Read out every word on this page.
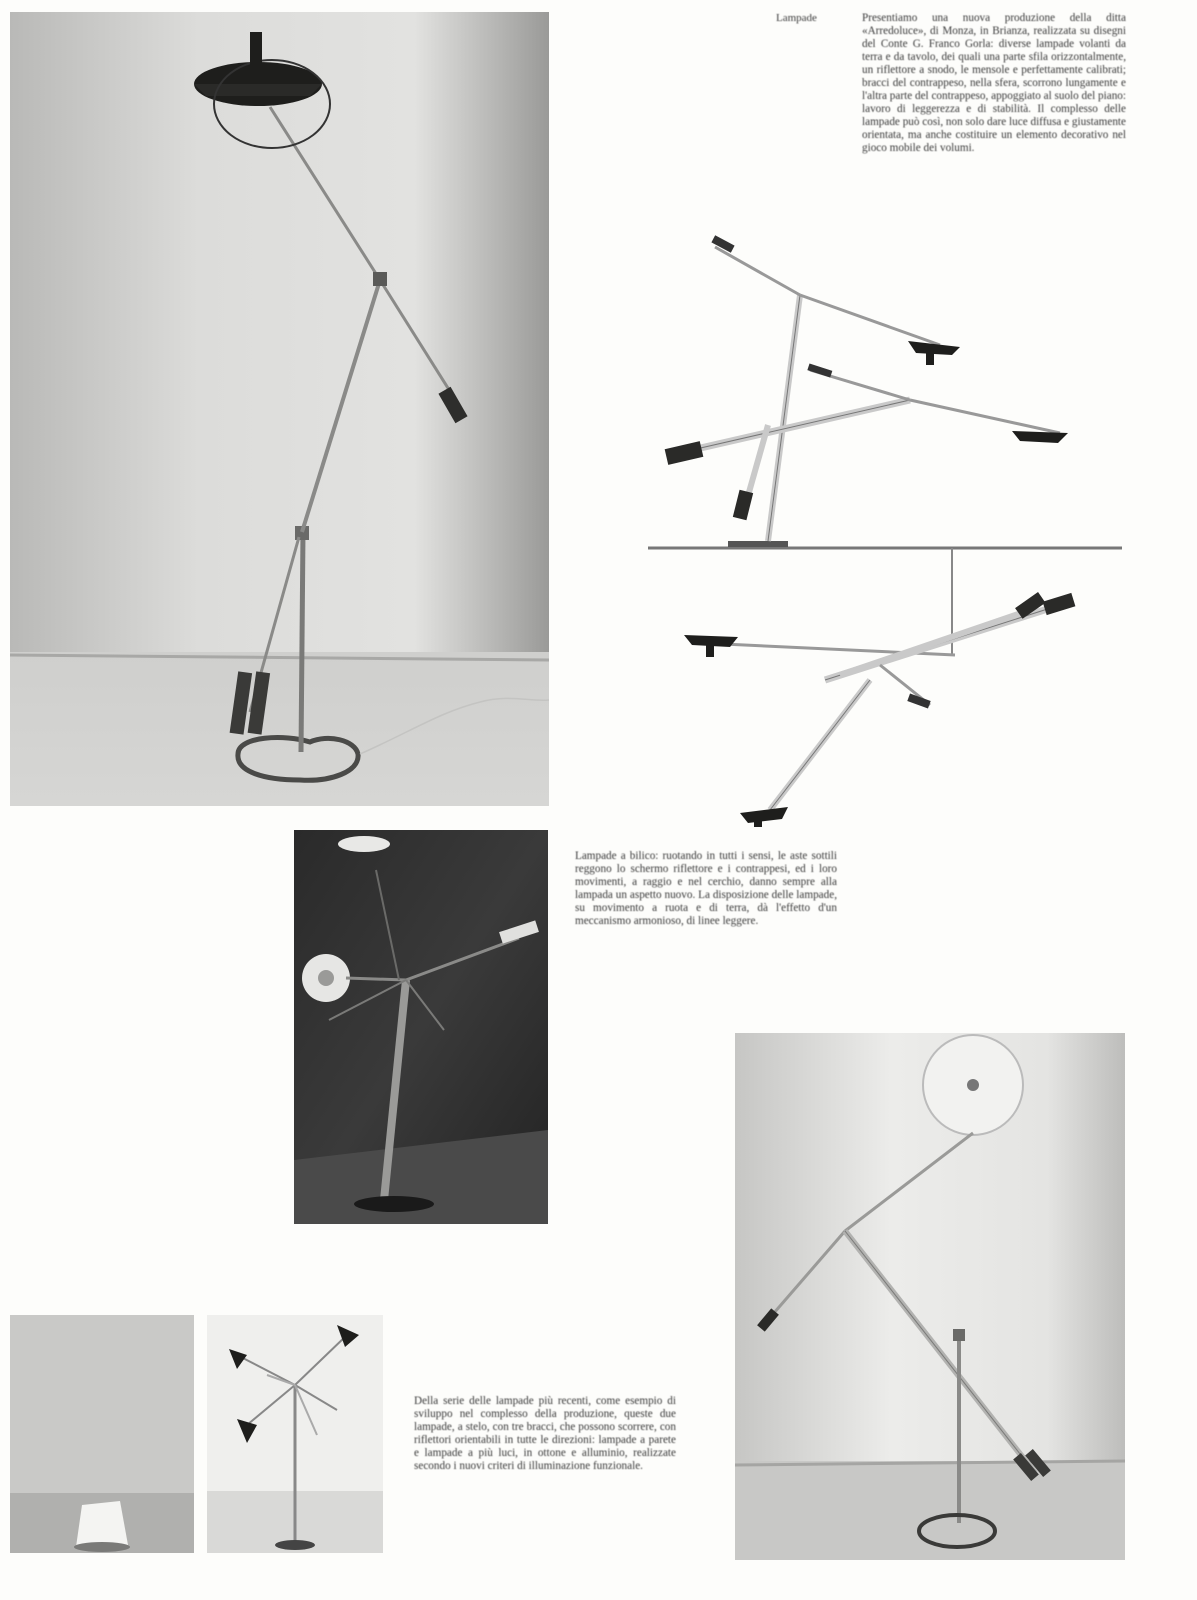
Lampade	Presentiamo una nuova produzione della ditta «Arredoluce», di Monza, in Brianza, realizzata su disegni del Conte G. Franco Gorla: diverse lampade volanti da terra e da tavolo, dei quali una parte sfila orizzontalmente, un riflettore a snodo, le mensole e perfettamente calibrati; bracci del contrappeso, nella sfera, scorrono lungamente e l'altra parte del contrappeso, appoggiato al suolo del piano: lavoro di leggerezza e di stabilità. Il complesso delle lampade può così, non solo dare luce diffusa e giustamente orientata, ma anche costituire un elemento decorativo nel gioco mobile dei volumi.

Lampade a bilico: ruotando in tutti i sensi, le aste sottili reggono lo schermo riflettore e i contrappesi, ed i loro movimenti, a raggio e nel cerchio, danno sempre alla lampada un aspetto nuovo. La disposizione delle lampade, su movimento a ruota e di terra, dà l'effetto d'un meccanismo armonioso, di linee leggere.

Della serie delle lampade più recenti, come esempio di sviluppo nel complesso della produzione, queste due lampade, a stelo, con tre bracci, che possono scorrere, con riflettori orientabili in tutte le direzioni: lampade a parete e lampade a più luci, in ottone e alluminio, realizzate secondo i nuovi criteri di illuminazione funzionale.
